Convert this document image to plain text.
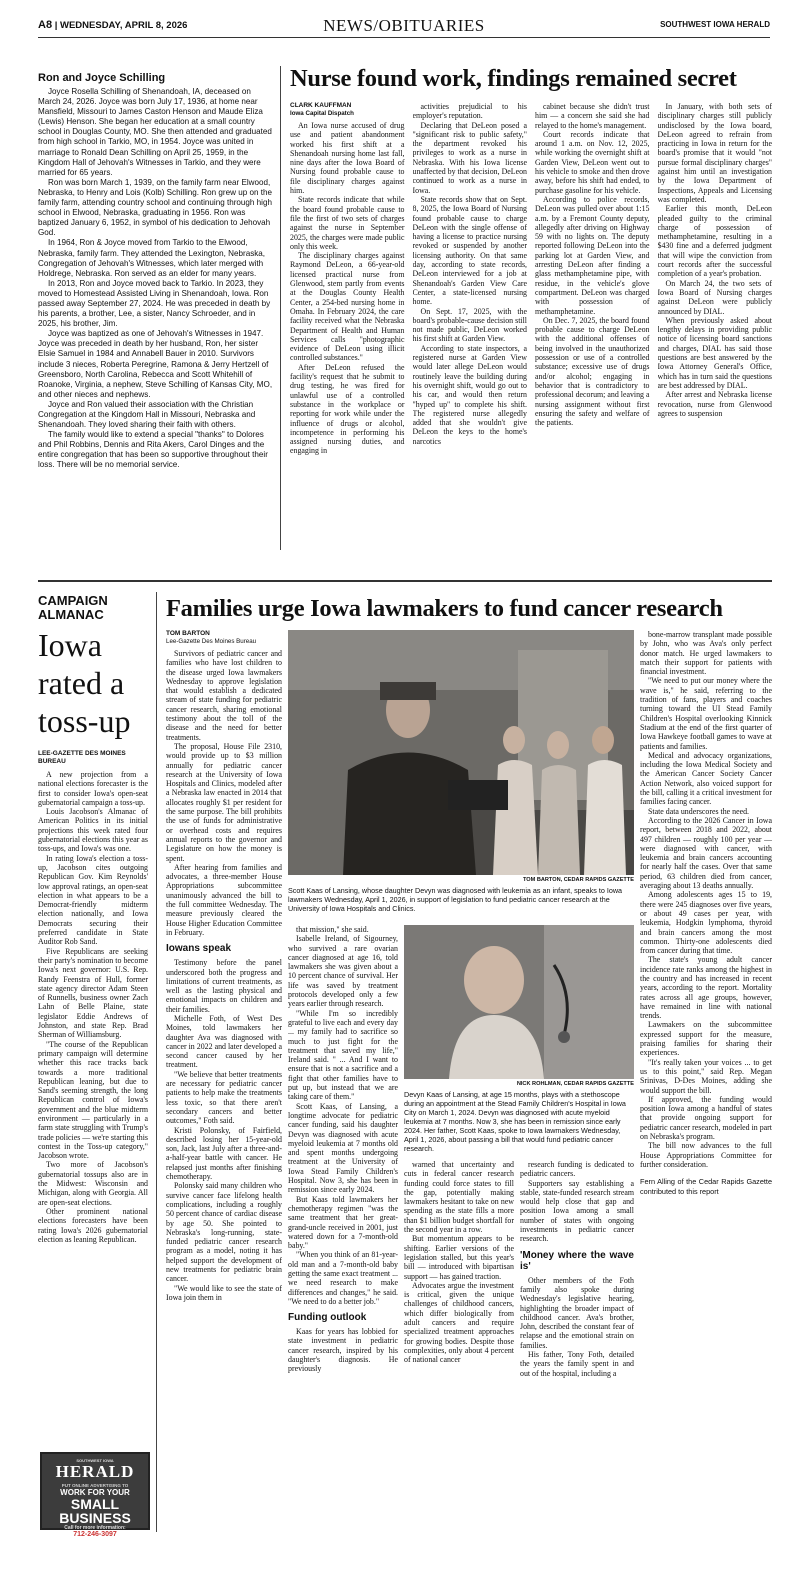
A8 | WEDNESDAY, APRIL 8, 2026	NEWS/OBITUARIES	SOUTHWEST IOWA HERALD
Ron and Joyce Schilling

Joyce Rosella Schilling of Shenandoah, IA, deceased on March 24, 2026. Joyce was born July 17, 1936, at home near Mansfield, Missouri to James Caston Henson and Maude Eliza (Lewis) Henson. She began her education at a small country school in Douglas County, MO. She then attended and graduated from high school in Tarkio, MO, in 1954. Joyce was united in marriage to Ronald Dean Schilling on April 25, 1959, in the Kingdom Hall of Jehovah's Witnesses in Tarkio, and they were married for 65 years.

Ron was born March 1, 1939, on the family farm near Elwood, Nebraska, to Henry and Lois (Kolb) Schilling. Ron grew up on the family farm, attending country school and continuing through high school in Elwood, Nebraska, graduating in 1956. Ron was baptized January 6, 1952, in symbol of his dedication to Jehovah God.

In 1964, Ron & Joyce moved from Tarkio to the Elwood, Nebraska, family farm. They attended the Lexington, Nebraska, Congregation of Jehovah's Witnesses, which later merged with Holdrege, Nebraska. Ron served as an elder for many years.

In 2013, Ron and Joyce moved back to Tarkio. In 2023, they moved to Homestead Assisted Living in Shenandoah, Iowa. Ron passed away September 27, 2024. He was preceded in death by his parents, a brother, Lee, a sister, Nancy Schroeder, and in 2025, his brother, Jim.

Joyce was baptized as one of Jehovah's Witnesses in 1947. Joyce was preceded in death by her husband, Ron, her sister Elsie Samuel in 1984 and Annabell Bauer in 2010. Survivors include 3 nieces, Roberta Peregrine, Ramona & Jerry Hertzell of Greensboro, North Carolina, Rebecca and Scott Whitehill of Roanoke, Virginia, a nephew, Steve Schilling of Kansas City, MO, and other nieces and nephews.

Joyce and Ron valued their association with the Christian Congregation at the Kingdom Hall in Missouri, Nebraska and Shenandoah. They loved sharing their faith with others.

The family would like to extend a special "thanks" to Dolores and Phil Robbins, Dennis and Rita Akers, Carol Dinges and the entire congregation that has been so supportive throughout their loss. There will be no memorial service.

Nurse found work, findings remained secret
CLARK KAUFFMAN
Iowa Capital Dispatch

An Iowa nurse accused of drug use and patient abandonment worked his first shift at a Shenandoah nursing home last fall, nine days after the Iowa Board of Nursing found probable cause to file disciplinary charges against him.

State records indicate that while the board found probable cause to file the first of two sets of charges against the nurse in September 2025, the charges were made public only this week.

The disciplinary charges against Raymond DeLeon, a 66-year-old licensed practical nurse from Glenwood, stem partly from events at the Douglas County Health Center, a 254-bed nursing home in Omaha. In February 2024, the care facility received what the Nebraska Department of Health and Human Services calls "photographic evidence of DeLeon using illicit controlled substances."

After DeLeon refused the facility's request that he submit to drug testing, he was fired for unlawful use of a controlled substance in the workplace or reporting for work while under the influence of drugs or alcohol, incompetence in performing his assigned nursing duties, and engaging in

activities prejudicial to his employer's reputation.

Declaring that DeLeon posed a "significant risk to public safety," the department revoked his privileges to work as a nurse in Nebraska. With his Iowa license unaffected by that decision, DeLeon continued to work as a nurse in Iowa.

State records show that on Sept. 8, 2025, the Iowa Board of Nursing found probable cause to charge DeLeon with the single offense of having a license to practice nursing revoked or suspended by another licensing authority. On that same day, according to state records, DeLeon interviewed for a job at Shenandoah's Garden View Care Center, a state-licensed nursing home.

On Sept. 17, 2025, with the board's probable-cause decision still not made public, DeLeon worked his first shift at Garden View.

According to state inspectors, a registered nurse at Garden View would later allege DeLeon would routinely leave the building during his overnight shift, would go out to his car, and would then return "hyped up" to complete his shift. The registered nurse allegedly added that she wouldn't give DeLeon the keys to the home's narcotics

cabinet because she didn't trust him — a concern she said she had relayed to the home's management.

Court records indicate that around 1 a.m. on Nov. 12, 2025, while working the overnight shift at Garden View, DeLeon went out to his vehicle to smoke and then drove away, before his shift had ended, to purchase gasoline for his vehicle.

According to police records, DeLeon was pulled over about 1:15 a.m. by a Fremont County deputy, allegedly after driving on Highway 59 with no lights on. The deputy reported following DeLeon into the parking lot at Garden View, and arresting DeLeon after finding a glass methamphetamine pipe, with residue, in the vehicle's glove compartment. DeLeon was charged with possession of methamphetamine.

On Dec. 7, 2025, the board found probable cause to charge DeLeon with the additional offenses of being involved in the unauthorized possession or use of a controlled substance; excessive use of drugs and/or alcohol; engaging in behavior that is contradictory to professional decorum; and leaving a nursing assignment without first ensuring the safety and welfare of the patients.

In January, with both sets of disciplinary charges still publicly undisclosed by the Iowa board, DeLeon agreed to refrain from practicing in Iowa in return for the board's promise that it would "not pursue formal disciplinary charges" against him until an investigation by the Iowa Department of Inspections, Appeals and Licensing was completed.

Earlier this month, DeLeon pleaded guilty to the criminal charge of possession of methamphetamine, resulting in a $430 fine and a deferred judgment that will wipe the conviction from court records after the successful completion of a year's probation.

On March 24, the two sets of Iowa Board of Nursing charges against DeLeon were publicly announced by DIAL.

When previously asked about lengthy delays in providing public notice of licensing board sanctions and charges, DIAL has said those questions are best answered by the Iowa Attorney General's Office, which has in turn said the questions are best addressed by DIAL.

After arrest and Nebraska license revocation, nurse from Glenwood agrees to suspension

CAMPAIGN ALMANAC
Iowa rated a toss-up
LEE-GAZETTE DES MOINES BUREAU

A new projection from a national elections forecaster is the first to consider Iowa's open-seat gubernatorial campaign a toss-up.

Louis Jacobson's Almanac of American Politics in its initial projections this week rated four gubernatorial elections this year as toss-ups, and Iowa's was one.

In rating Iowa's election a toss-up, Jacobson cites outgoing Republican Gov. Kim Reynolds' low approval ratings, an open-seat election in what appears to be a Democrat-friendly midterm election nationally, and Iowa Democrats securing their preferred candidate in State Auditor Rob Sand.

Five Republicans are seeking their party's nomination to become Iowa's next governor: U.S. Rep. Randy Feenstra of Hull, former state agency director Adam Steen of Runnells, business owner Zach Lahn of Belle Plaine, state legislator Eddie Andrews of Johnston, and state Rep. Brad Sherman of Williamsburg.

"The course of the Republican primary campaign will determine whether this race tracks back towards a more traditional Republican leaning, but due to Sand's seeming strength, the long Republican control of Iowa's government and the blue midterm environment — particularly in a farm state struggling with Trump's trade policies — we're starting this contest in the Toss-up category," Jacobson wrote.

Two more of Jacobson's gubernatorial tossups also are in the Midwest: Wisconsin and Michigan, along with Georgia. All are open-seat elections.

Other prominent national elections forecasters have been rating Iowa's 2026 gubernatorial election as leaning Republican.

SOUTHWEST IOWA
HERALD
PUT ONLINE ADVERTISING TO
WORK FOR YOUR
SMALL
BUSINESS
Call for more information:
712-246-3097
Families urge Iowa lawmakers to fund cancer research
TOM BARTON
Lee-Gazette Des Moines Bureau

Survivors of pediatric cancer and families who have lost children to the disease urged Iowa lawmakers Wednesday to approve legislation that would establish a dedicated stream of state funding for pediatric cancer research, sharing emotional testimony about the toll of the disease and the need for better treatments.

The proposal, House File 2310, would provide up to $3 million annually for pediatric cancer research at the University of Iowa Hospitals and Clinics, modeled after a Nebraska law enacted in 2014 that allocates roughly $1 per resident for the same purpose. The bill prohibits the use of funds for administrative or overhead costs and requires annual reports to the governor and Legislature on how the money is spent.

After hearing from families and advocates, a three-member House Appropriations subcommittee unanimously advanced the bill to the full committee Wednesday. The measure previously cleared the House Higher Education Committee in February.

Iowans speak

Testimony before the panel underscored both the progress and limitations of current treatments, as well as the lasting physical and emotional impacts on children and their families.

Michelle Foth, of West Des Moines, told lawmakers her daughter Ava was diagnosed with cancer in 2022 and later developed a second cancer caused by her treatment.

"We believe that better treatments are necessary for pediatric cancer patients to help make the treatments less toxic, so that there aren't secondary cancers and better outcomes," Foth said.

Kristi Polonsky, of Fairfield, described losing her 15-year-old son, Jack, last July after a three-and-a-half-year battle with cancer. He relapsed just months after finishing chemotherapy.

Polonsky said many children who survive cancer face lifelong health complications, including a roughly 50 percent chance of cardiac disease by age 50. She pointed to Nebraska's long-running, state-funded pediatric cancer research program as a model, noting it has helped support the development of new treatments for pediatric brain cancer.

"We would like to see the state of Iowa join them in

TOM BARTON, CEDAR RAPIDS GAZETTE
Scott Kaas of Lansing, whose daughter Devyn was diagnosed with leukemia as an infant, speaks to Iowa lawmakers Wednesday, April 1, 2026, in support of legislation to fund pediatric cancer research at the University of Iowa Hospitals and Clinics.

that mission," she said.

Isabelle Ireland, of Sigourney, who survived a rare ovarian cancer diagnosed at age 16, told lawmakers she was given about a 10 percent chance of survival. Her life was saved by treatment protocols developed only a few years earlier through research.

"While I'm so incredibly grateful to live each and every day ... my family had to sacrifice so much to just fight for the treatment that saved my life," Ireland said. " ... And I want to ensure that is not a sacrifice and a fight that other families have to put up, but instead that we are taking care of them."

Scott Kaas, of Lansing, a longtime advocate for pediatric cancer funding, said his daughter Devyn was diagnosed with acute myeloid leukemia at 7 months old and spent months undergoing treatment at the University of Iowa Stead Family Children's Hospital. Now 3, she has been in remission since early 2024.

But Kaas told lawmakers her chemotherapy regimen "was the same treatment that her great-grand-uncle received in 2001, just watered down for a 7-month-old baby."

"When you think of an 81-year-old man and a 7-month-old baby getting the same exact treatment ... we need research to make differences and changes," he said. "We need to do a better job."

Funding outlook

Kaas for years has lobbied for state investment in pediatric cancer research, inspired by his daughter's diagnosis. He previously

NICK ROHLMAN, CEDAR RAPIDS GAZETTE
Devyn Kaas of Lansing, at age 15 months, plays with a stethoscope during an appointment at the Stead Family Children's Hospital in Iowa City on March 1, 2024. Devyn was diagnosed with acute myeloid leukemia at 7 months. Now 3, she has been in remission since early 2024. Her father, Scott Kaas, spoke to Iowa lawmakers Wednesday, April 1, 2026, about passing a bill that would fund pediatric cancer research.

warned that uncertainty and cuts in federal cancer research funding could force states to fill the gap, potentially making lawmakers hesitant to take on new spending as the state fills a more than $1 billion budget shortfall for the second year in a row.

But momentum appears to be shifting. Earlier versions of the legislation stalled, but this year's bill — introduced with bipartisan support — has gained traction.

Advocates argue the investment is critical, given the unique challenges of childhood cancers, which differ biologically from adult cancers and require specialized treatment approaches for growing bodies. Despite those complexities, only about 4 percent of national cancer

research funding is dedicated to pediatric cancers.

Supporters say establishing a stable, state-funded research stream would help close that gap and position Iowa among a small number of states with ongoing investments in pediatric cancer research.

'Money where the wave is'

Other members of the Foth family also spoke during Wednesday's legislative hearing, highlighting the broader impact of childhood cancer. Ava's brother, John, described the constant fear of relapse and the emotional strain on families.

His father, Tony Foth, detailed the years the family spent in and out of the hospital, including a

bone-marrow transplant made possible by John, who was Ava's only perfect donor match. He urged lawmakers to match their support for patients with financial investment.

"We need to put our money where the wave is," he said, referring to the tradition of fans, players and coaches turning toward the UI Stead Family Children's Hospital overlooking Kinnick Stadium at the end of the first quarter of Iowa Hawkeye football games to wave at patients and families.

Medical and advocacy organizations, including the Iowa Medical Society and the American Cancer Society Cancer Action Network, also voiced support for the bill, calling it a critical investment for families facing cancer.

State data underscores the need.

According to the 2026 Cancer in Iowa report, between 2018 and 2022, about 497 children — roughly 100 per year — were diagnosed with cancer, with leukemia and brain cancers accounting for nearly half the cases. Over that same period, 63 children died from cancer, averaging about 13 deaths annually.

Among adolescents ages 15 to 19, there were 245 diagnoses over five years, or about 49 cases per year, with leukemia, Hodgkin lymphoma, thyroid and brain cancers among the most common. Thirty-one adolescents died from cancer during that time.

The state's young adult cancer incidence rate ranks among the highest in the country and has increased in recent years, according to the report. Mortality rates across all age groups, however, have remained in line with national trends.

Lawmakers on the subcommittee expressed support for the measure, praising families for sharing their experiences.

"It's really taken your voices ... to get us to this point," said Rep. Megan Srinivas, D-Des Moines, adding she would support the bill.

If approved, the funding would position Iowa among a handful of states that provide ongoing support for pediatric cancer research, modeled in part on Nebraska's program.

The bill now advances to the full House Appropriations Committee for further consideration.

Fern Alling of the Cedar Rapids Gazette contributed to this report
